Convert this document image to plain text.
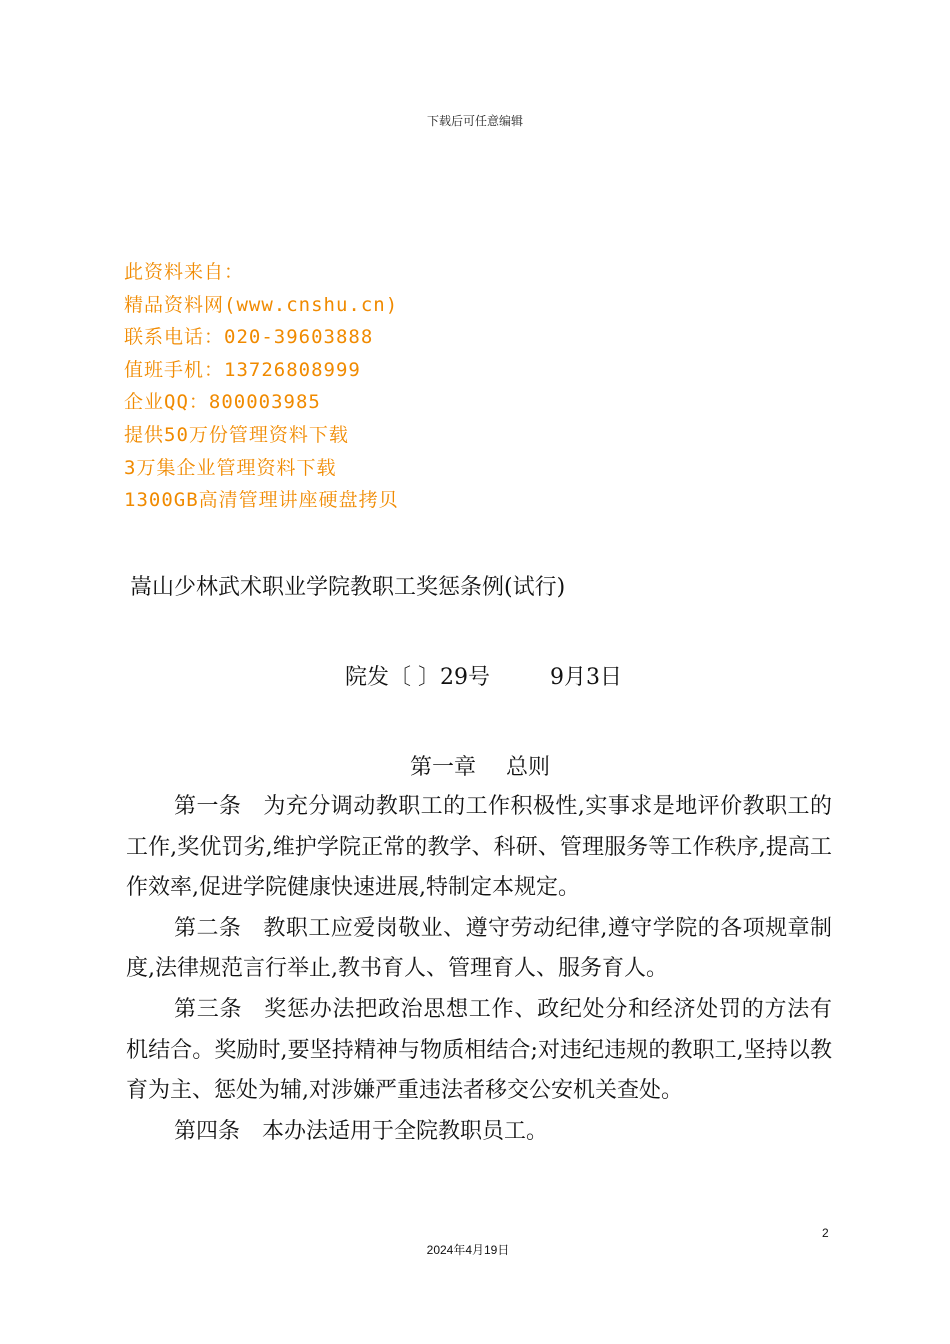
下载后可任意编辑
此资料来自：
精品资料网(www.cnshu.cn)
联系电话：020-39603888
值班手机：13726808999
企业QQ：800003985
提供50万份管理资料下载
3万集企业管理资料下载
1300GB高清管理讲座硬盘拷贝
嵩山少林武术职业学院教职工奖惩条例(试行)
院发〔 〕29号	9月3日
第一章 总则

第一条 为充分调动教职工的工作积极性,实事求是地评价教职工的工作,奖优罚劣,维护学院正常的教学、科研、管理服务等工作秩序,提高工作效率,促进学院健康快速进展,特制定本规定。

第二条 教职工应爱岗敬业、遵守劳动纪律,遵守学院的各项规章制度,法律规范言行举止,教书育人、管理育人、服务育人。

第三条 奖惩办法把政治思想工作、政纪处分和经济处罚的方法有机结合。奖励时,要坚持精神与物质相结合;对违纪违规的教职工,坚持以教育为主、惩处为辅,对涉嫌严重违法者移交公安机关查处。

第四条 本办法适用于全院教职员工。

2
2024年4月19日
